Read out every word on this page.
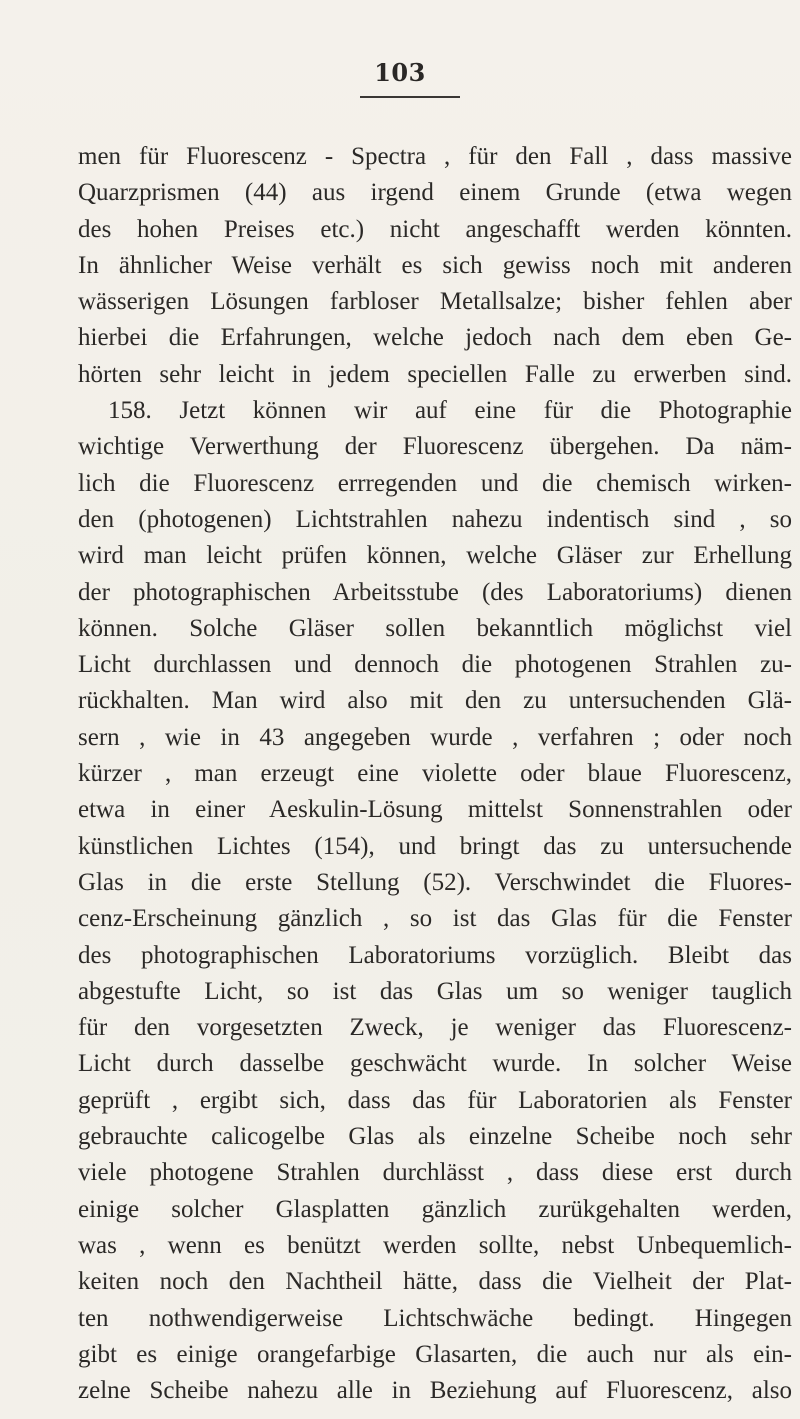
103
men für Fluorescenz - Spectra , für den Fall , dass massive
Quarzprismen (44) aus irgend einem Grunde (etwa wegen
des hohen Preises etc.) nicht angeschafft werden könnten.
In ähnlicher Weise verhält es sich gewiss noch mit anderen
wässerigen Lösungen farbloser Metallsalze; bisher fehlen aber
hierbei die Erfahrungen, welche jedoch nach dem eben Ge-
hörten sehr leicht in jedem speciellen Falle zu erwerben sind.
158. Jetzt können wir auf eine für die Photographie
wichtige Verwerthung der Fluorescenz übergehen. Da näm-
lich die Fluorescenz errregenden und die chemisch wirken-
den (photogenen) Lichtstrahlen nahezu indentisch sind , so
wird man leicht prüfen können, welche Gläser zur Erhellung
der photographischen Arbeitsstube (des Laboratoriums) dienen
können. Solche Gläser sollen bekanntlich möglichst viel
Licht durchlassen und dennoch die photogenen Strahlen zu-
rückhalten. Man wird also mit den zu untersuchenden Glä-
sern , wie in 43 angegeben wurde , verfahren ; oder noch
kürzer , man erzeugt eine violette oder blaue Fluorescenz,
etwa in einer Aeskulin-Lösung mittelst Sonnenstrahlen oder
künstlichen Lichtes (154), und bringt das zu untersuchende
Glas in die erste Stellung (52). Verschwindet die Fluores-
cenz-Erscheinung gänzlich , so ist das Glas für die Fenster
des photographischen Laboratoriums vorzüglich. Bleibt das
abgestufte Licht, so ist das Glas um so weniger tauglich
für den vorgesetzten Zweck, je weniger das Fluorescenz-
Licht durch dasselbe geschwächt wurde. In solcher Weise
geprüft , ergibt sich, dass das für Laboratorien als Fenster
gebrauchte calicogelbe Glas als einzelne Scheibe noch sehr
viele photogene Strahlen durchlässt , dass diese erst durch
einige solcher Glasplatten gänzlich zurükgehalten werden,
was , wenn es benützt werden sollte, nebst Unbequemlich-
keiten noch den Nachtheil hätte, dass die Vielheit der Plat-
ten nothwendigerweise Lichtschwäche bedingt. Hingegen
gibt es einige orangefarbige Glasarten, die auch nur als ein-
zelne Scheibe nahezu alle in Beziehung auf Fluorescenz, also
